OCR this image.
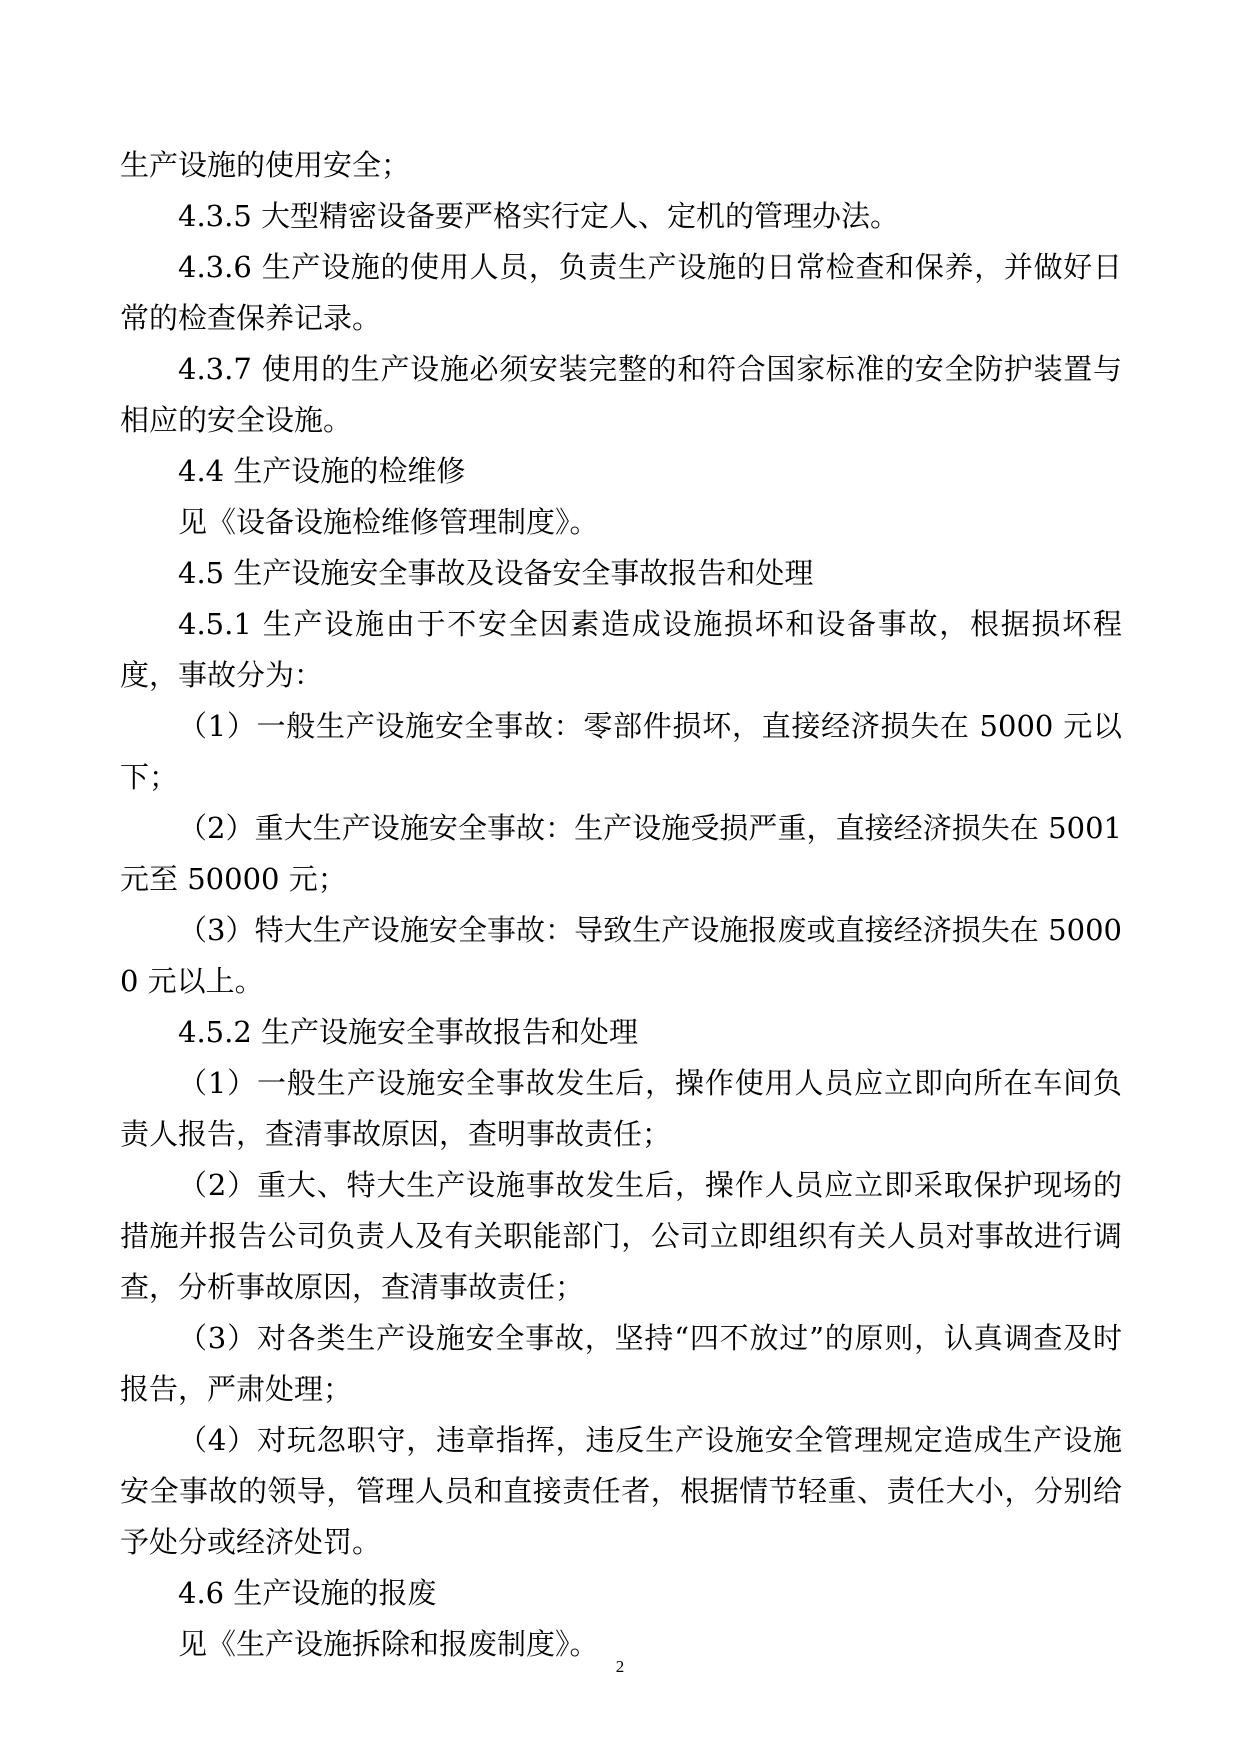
生产设施的使用安全；

4.3.5 大型精密设备要严格实行定人、定机的管理办法。

4.3.6 生产设施的使用人员，负责生产设施的日常检查和保养，并做好日常的检查保养记录。

4.3.7 使用的生产设施必须安装完整的和符合国家标准的安全防护装置与相应的安全设施。

4.4 生产设施的检维修

见《设备设施检维修管理制度》。

4.5 生产设施安全事故及设备安全事故报告和处理

4.5.1 生产设施由于不安全因素造成设施损坏和设备事故，根据损坏程度，事故分为：

（1）一般生产设施安全事故：零部件损坏，直接经济损失在 5000 元以下；

（2）重大生产设施安全事故：生产设施受损严重，直接经济损失在 5001 元至 50000 元；

（3）特大生产设施安全事故：导致生产设施报废或直接经济损失在 50000 元以上。

4.5.2 生产设施安全事故报告和处理

（1）一般生产设施安全事故发生后，操作使用人员应立即向所在车间负责人报告，查清事故原因，查明事故责任；

（2）重大、特大生产设施事故发生后，操作人员应立即采取保护现场的措施并报告公司负责人及有关职能部门，公司立即组织有关人员对事故进行调查，分析事故原因，查清事故责任；

（3）对各类生产设施安全事故，坚持“四不放过”的原则，认真调查及时报告，严肃处理；

（4）对玩忽职守，违章指挥，违反生产设施安全管理规定造成生产设施安全事故的领导，管理人员和直接责任者，根据情节轻重、责任大小，分别给予处分或经济处罚。

4.6 生产设施的报废

见《生产设施拆除和报废制度》。

2
